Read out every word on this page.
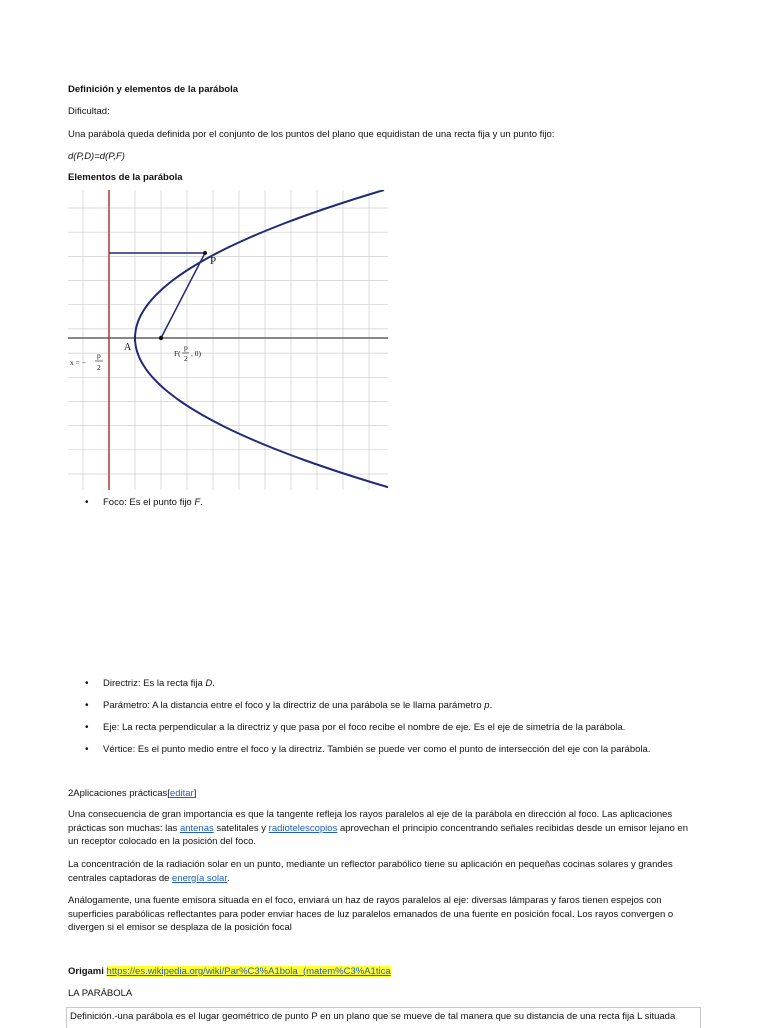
Definición y elementos de la parábola
Dificultad:
Una parábola queda definida por el conjunto de los puntos del plano que equidistan de una recta fija y un punto fijo:
d(P,D)=d(P,F)
Elementos de la parábola
P
A
x = −
p
2
F(
p
2
, 0)
• Foco: Es el punto fijo F.
• Directriz: Es la recta fija D.
• Parámetro: A la distancia entre el foco y la directriz de una parábola se le llama parámetro p.
• Eje: La recta perpendicular a la directriz y que pasa por el foco recibe el nombre de eje. Es el eje de simetría de la parábola.
• Vértice: Es el punto medio entre el foco y la directriz. También se puede ver como el punto de intersección del eje con la parábola.
2Aplicaciones prácticas[editar]
Una consecuencia de gran importancia es que la tangente refleja los rayos paralelos al eje de la parábola en dirección al foco. Las aplicaciones prácticas son muchas: las antenas satelitales y radiotelescopios aprovechan el principio concentrando señales recibidas desde un emisor lejano en un receptor colocado en la posición del foco.
La concentración de la radiación solar en un punto, mediante un reflector parabólico tiene su aplicación en pequeñas cocinas solares y grandes centrales captadoras de energía solar.
Análogamente, una fuente emisora situada en el foco, enviará un haz de rayos paralelos al eje: diversas lámparas y faros tienen espejos con superficies parabólicas reflectantes para poder enviar haces de luz paralelos emanados de una fuente en posición focal. Los rayos convergen o divergen si el emisor se desplaza de la posición focal
Origami https://es.wikipedia.org/wiki/Par%C3%A1bola_(matem%C3%A1tica
LA PARÁBOLA
Definición.-una parábola es el lugar geométrico de punto P en un plano que se mueve de tal manera que su distancia de una recta fija L situada
